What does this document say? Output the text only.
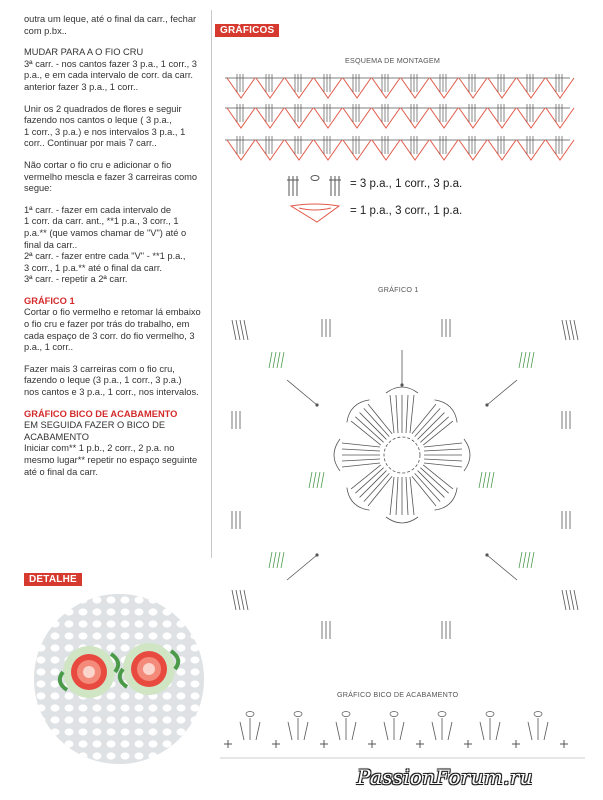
outra um leque, até o final da carr., fechar
com p.bx..

MUDAR PARA A O FIO CRU
3ª carr. - nos cantos fazer 3 p.a., 1 corr., 3
p.a., e em cada intervalo de corr. da carr.
anterior fazer 3 p.a., 1 corr..

Unir os 2 quadrados de flores e seguir
fazendo nos cantos o leque ( 3 p.a.,
1 corr., 3 p.a.) e nos intervalos 3 p.a., 1
corr.. Continuar por mais 7 carr..

Não cortar o fio cru e adicionar o fio
vermelho mescla e fazer 3 carreiras como
segue:

1ª carr. - fazer em cada intervalo de
1 corr. da carr. ant., **1 p.a., 3 corr., 1
p.a.** (que vamos chamar de "V") até o
final da carr..
2ª carr. - fazer entre cada "V" - **1 p.a.,
3 corr., 1 p.a.** até o final da carr.
3ª carr. - repetir a 2ª carr.

GRÁFICO 1
Cortar o fio vermelho e retomar lá embaixo
o fio cru e fazer por trás do trabalho, em
cada espaço de 3 corr. do fio vermelho, 3
p.a., 1 corr..

Fazer mais 3 carreiras com o fio cru,
fazendo o leque (3 p.a., 1 corr., 3 p.a.)
nos cantos e 3 p.a., 1 corr., nos intervalos.

GRÁFICO BICO DE ACABAMENTO
EM SEGUIDA FAZER O BICO DE
ACABAMENTO
Iniciar com** 1 p.b., 2 corr., 2 p.a. no
mesmo lugar** repetir no espaço seguinte
até o final da carr.

GRÁFICOS
DETALHE
ESQUEMA DE MONTAGEM
= 3 p.a., 1 corr., 3 p.a.
= 1 p.a., 3 corr., 1 p.a.
GRÁFICO 1
GRÁFICO BICO DE ACABAMENTO
PassionForum.ru
